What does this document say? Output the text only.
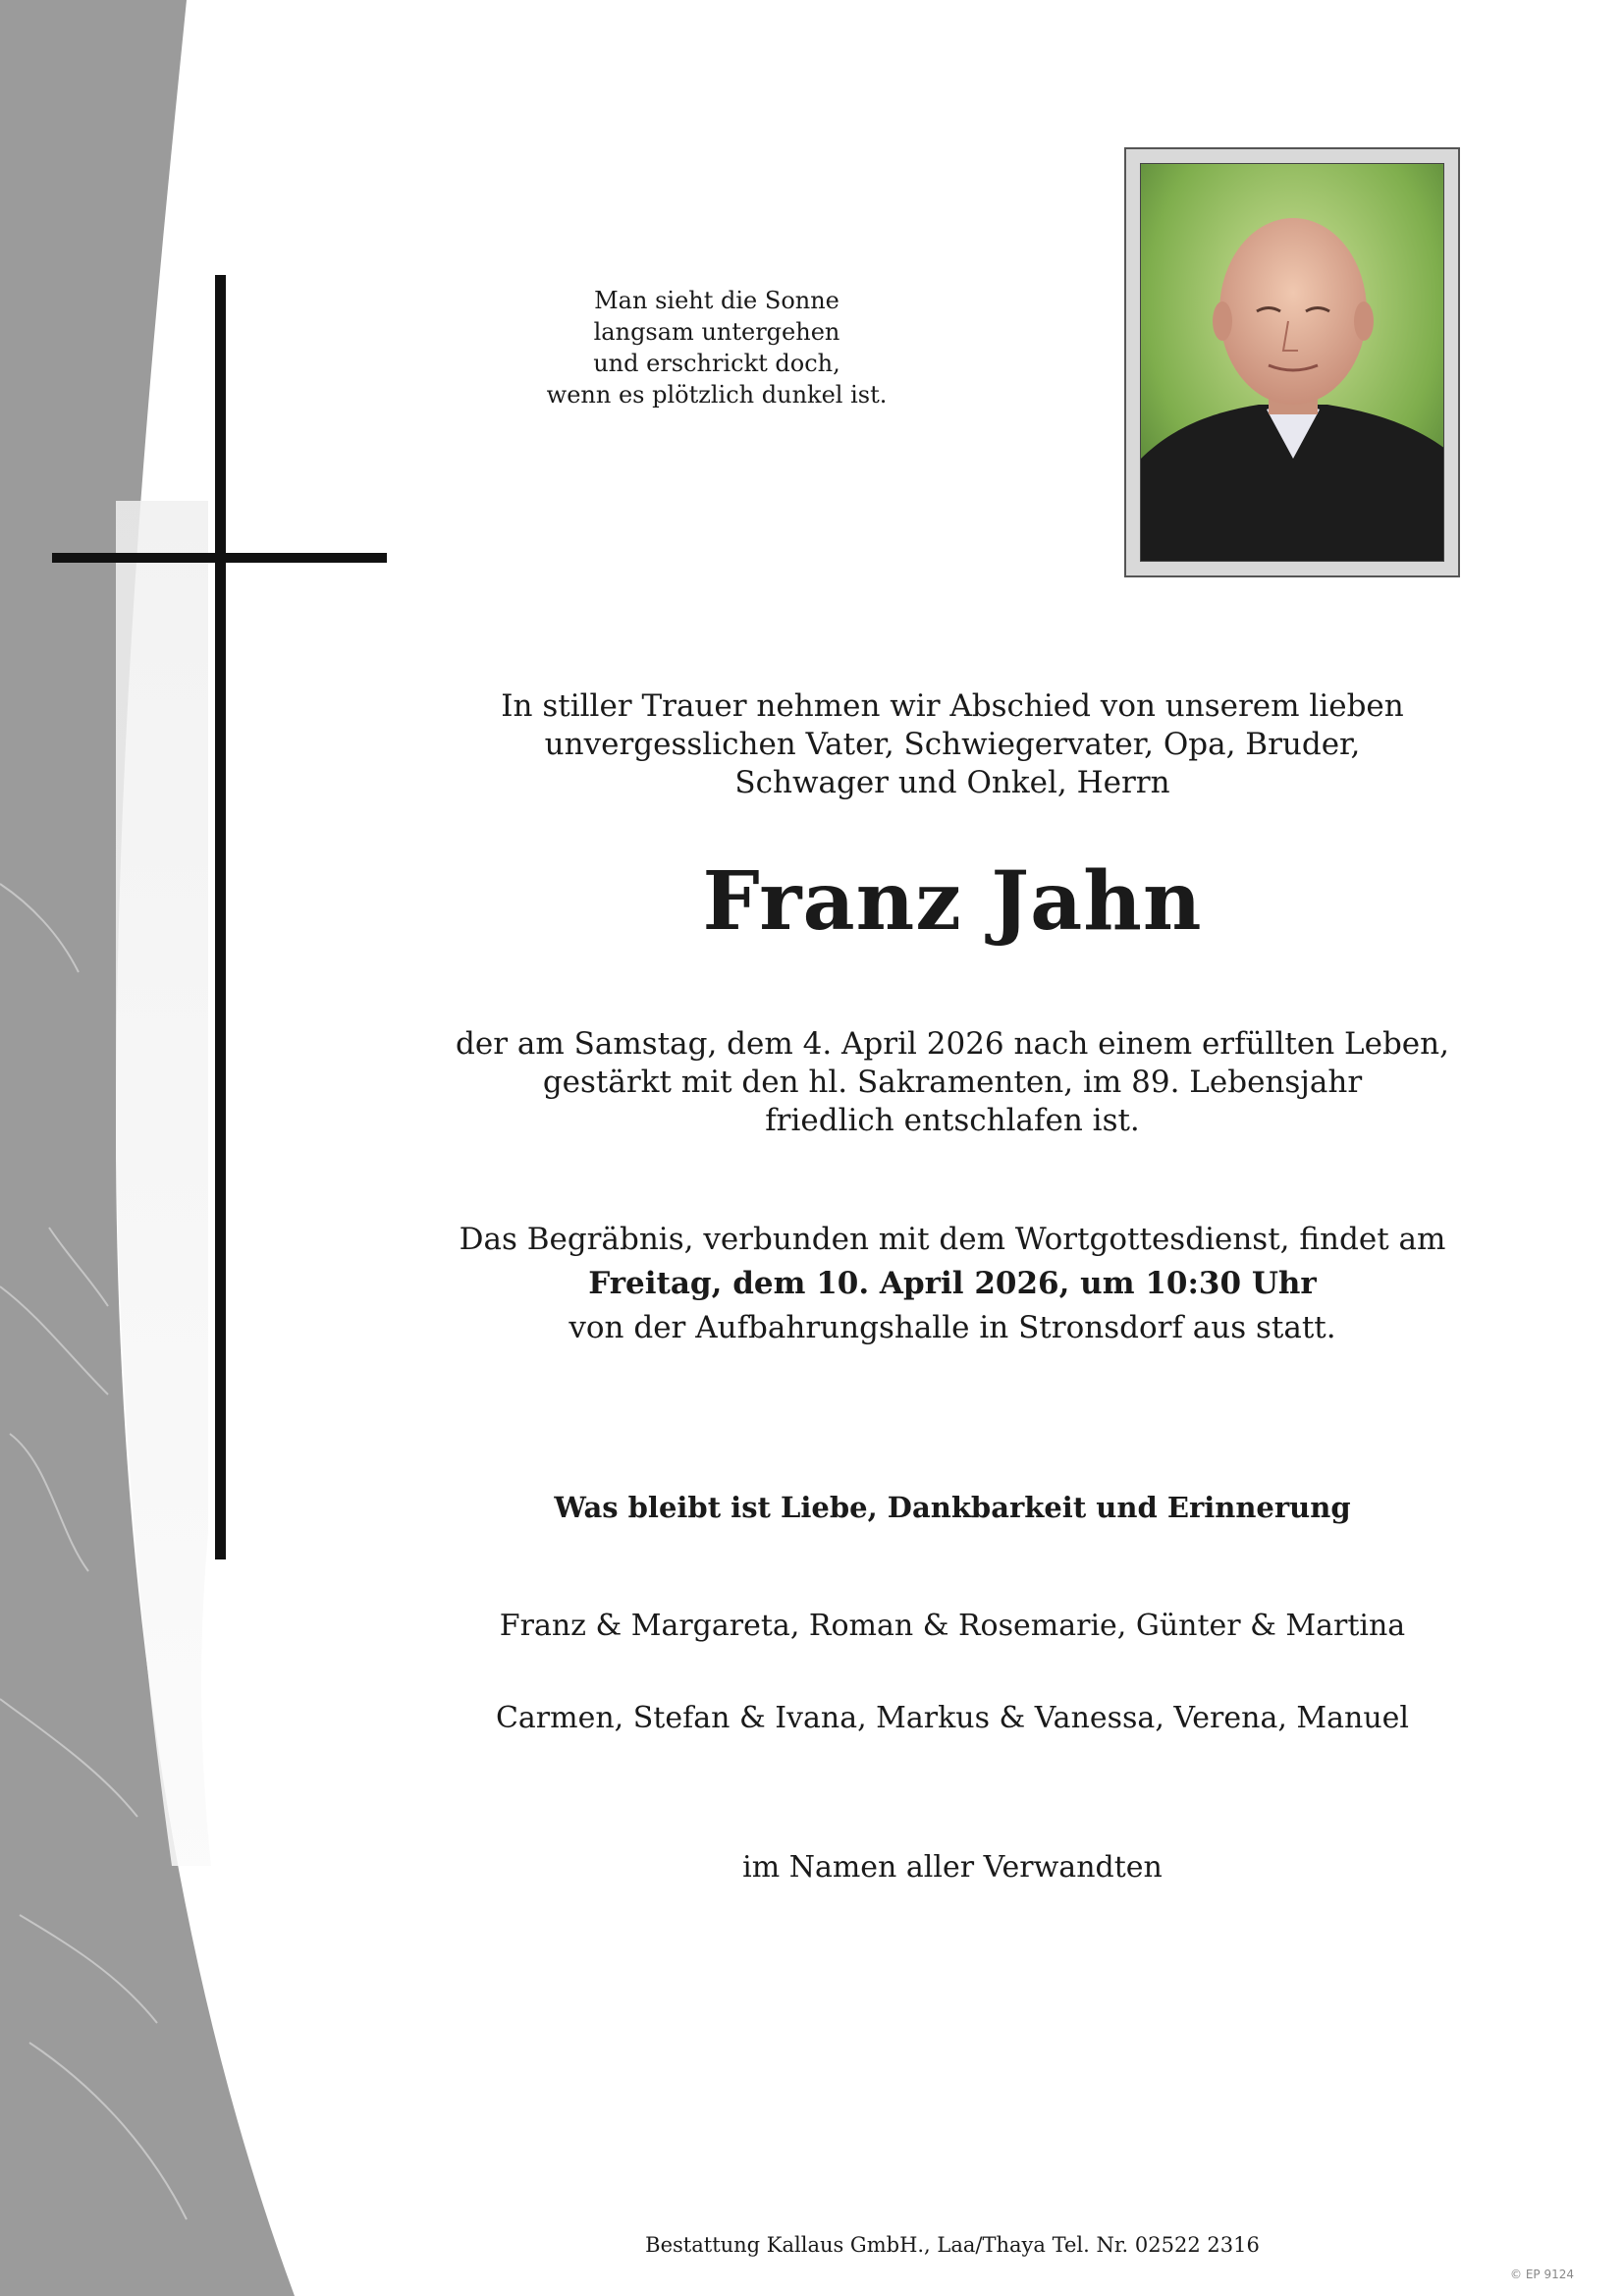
Man sieht die Sonne
langsam untergehen
und erschrickt doch,
wenn es plötzlich dunkel ist.
In stiller Trauer nehmen wir Abschied von unserem lieben
unvergesslichen Vater, Schwiegervater, Opa, Bruder,
Schwager und Onkel, Herrn
Franz Jahn
der am Samstag, dem 4. April 2026 nach einem erfüllten Leben,
gestärkt mit den hl. Sakramenten, im 89. Lebensjahr
friedlich entschlafen ist.
Das Begräbnis, verbunden mit dem Wortgottesdienst, findet am
Freitag, dem 10. April 2026, um 10:30 Uhr
von der Aufbahrungshalle in Stronsdorf aus statt.
Was bleibt ist Liebe, Dankbarkeit und Erinnerung
Franz & Margareta, Roman & Rosemarie, Günter & Martina
Carmen, Stefan & Ivana, Markus & Vanessa, Verena, Manuel
im Namen aller Verwandten
Bestattung Kallaus GmbH., Laa/Thaya Tel. Nr. 02522 2316
© EP 9124
